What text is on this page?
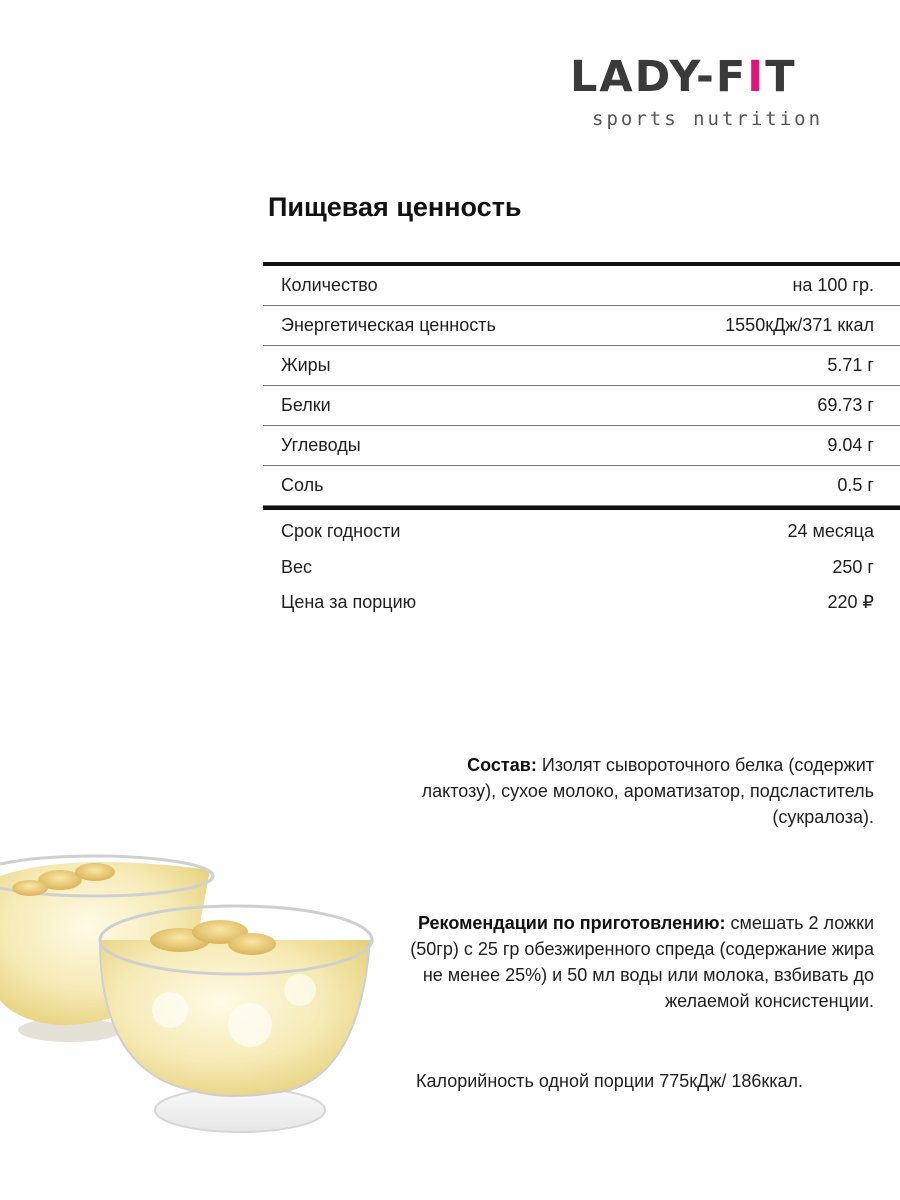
LADY-FIT
sports nutrition
Пищевая ценность
Количество	на 100 гр.
Энергетическая ценность	1550кДж/371 ккал
Жиры	5.71 г
Белки	69.73 г
Углеводы	9.04 г
Соль	0.5 г
Срок годности	24 месяца
Вес	250 г
Цена за порцию	220 ₽
Состав: Изолят сывороточного белка (содержит лактозу), сухое молоко, ароматизатор, подсластитель (сукралоза).
Рекомендации по приготовлению: смешать 2 ложки (50гр) с 25 гр обезжиренного спреда (содержание жира не менее 25%) и 50 мл воды или молока, взбивать до желаемой консистенции.
Калорийность одной порции 775кДж/ 186ккал.
